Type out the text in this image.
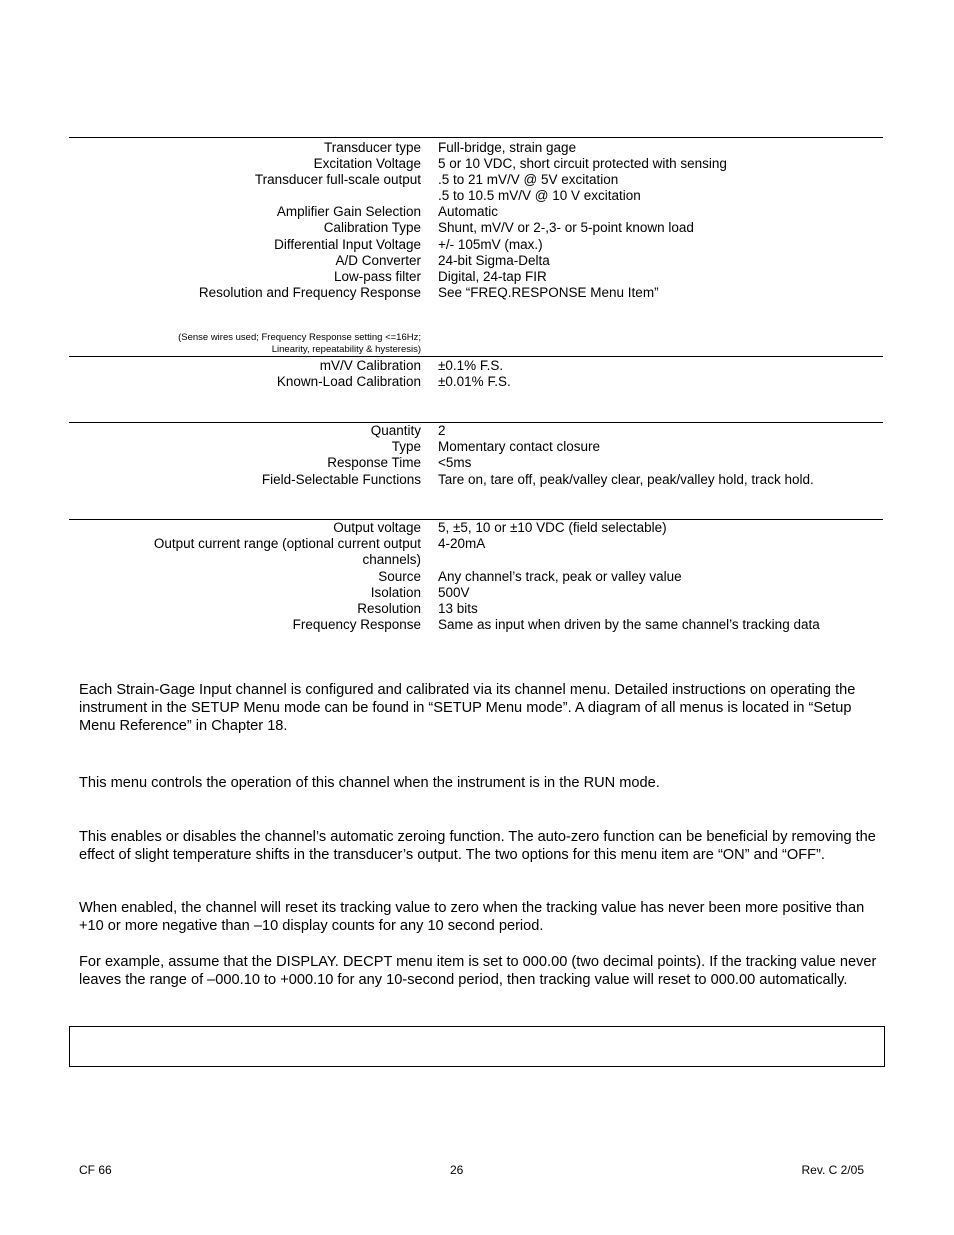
Transducer type Full-bridge, strain gage
Excitation Voltage 5 or 10 VDC, short circuit protected with sensing
Transducer full-scale output .5 to 21 mV/V @ 5V excitation
.5 to 10.5 mV/V @ 10 V excitation
Amplifier Gain Selection Automatic
Calibration Type Shunt, mV/V or 2-,3- or 5-point known load
Differential Input Voltage +/- 105mV (max.)
A/D Converter 24-bit Sigma-Delta
Low-pass filter Digital, 24-tap FIR
Resolution and Frequency Response See “FREQ.RESPONSE Menu Item”
(Sense wires used; Frequency Response setting <=16Hz;
Linearity, repeatability & hysteresis)
mV/V Calibration ±0.1% F.S.
Known-Load Calibration ±0.01% F.S.
Quantity 2
Type Momentary contact closure
Response Time <5ms
Field-Selectable Functions Tare on, tare off, peak/valley clear, peak/valley hold, track hold.
Output voltage 5, ±5, 10 or ±10 VDC (field selectable)
Output current range (optional current output channels)
4-20mA
Source Any channel’s track, peak or valley value
Isolation 500V
Resolution 13 bits
Frequency Response Same as input when driven by the same channel’s tracking data

Each Strain-Gage Input channel is configured and calibrated via its channel menu. Detailed instructions on operating the instrument in the SETUP Menu mode can be found in “SETUP Menu mode”. A diagram of all menus is located in “Setup Menu Reference” in Chapter 18.

This menu controls the operation of this channel when the instrument is in the RUN mode.

This enables or disables the channel’s automatic zeroing function. The auto-zero function can be beneficial by removing the effect of slight temperature shifts in the transducer’s output. The two options for this menu item are “ON” and “OFF”.

When enabled, the channel will reset its tracking value to zero when the tracking value has never been more positive than +10 or more negative than –10 display counts for any 10 second period.

For example, assume that the DISPLAY. DECPT menu item is set to 000.00 (two decimal points). If the tracking value never leaves the range of –000.10 to +000.10 for any 10-second period, then tracking value will reset to 000.00 automatically.

CF 66	26	Rev. C 2/05
